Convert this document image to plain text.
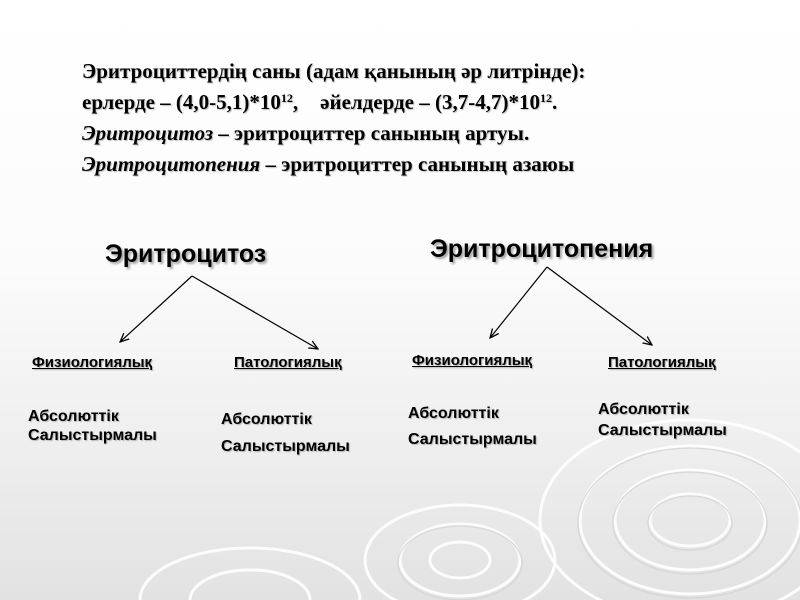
Эритроциттердің саны (адам қанының әр литрінде):
ерлерде – $(4,0-5,1)*10^{12}$, әйелдерде – $(3,7-4,7)*10^{12}$.
Эритроцитоз – эритроциттер санының артуы.
Эритроцитопения – эритроциттер санының азаюы
Эритроцитоз	Эритроцитопения
Физиологиялық	Патологиялық	Физиологиялық	Патологиялық
Абсолюттік
Салыстырмалы
Абсолюттік
Салыстырмалы
Абсолюттік
Салыстырмалы
Абсолюттік
Салыстырмалы
